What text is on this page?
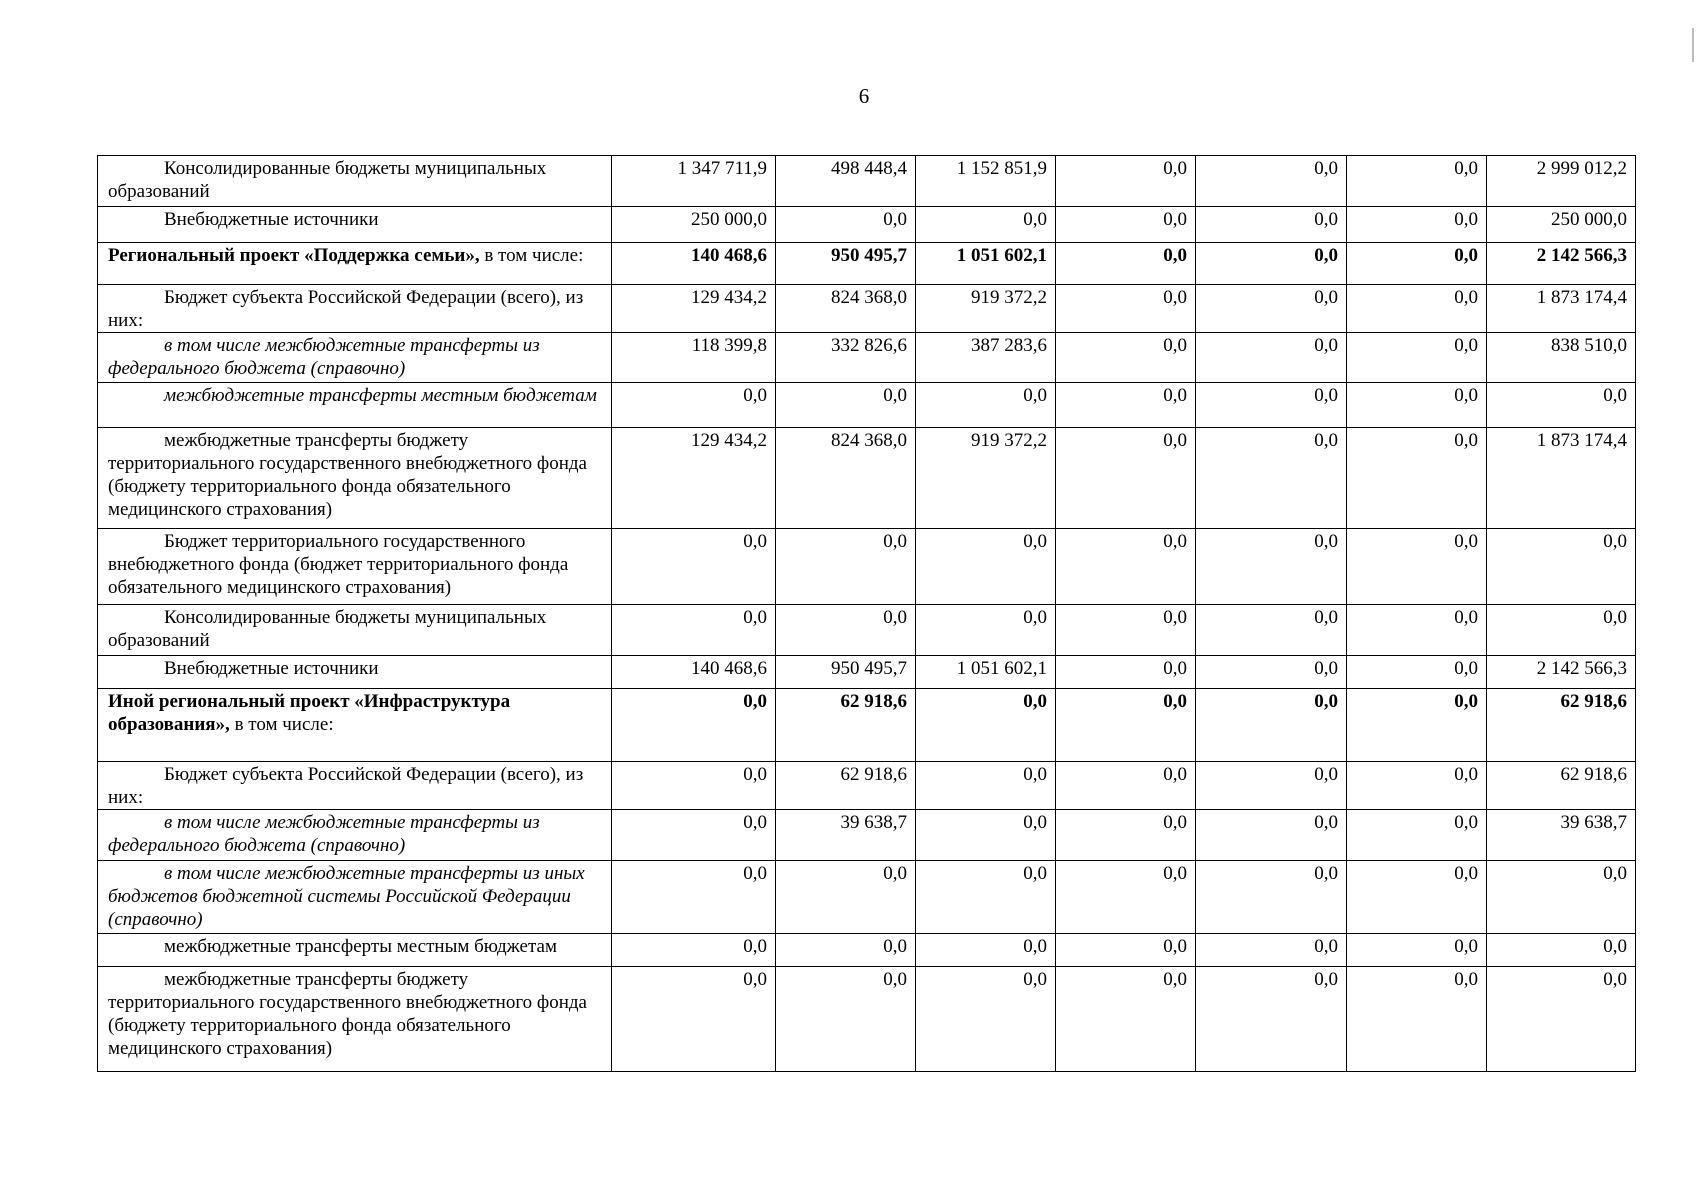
6
Консолидированные бюджеты муниципальных образований	1 347 711,9	498 448,4	1 152 851,9	0,0	0,0	0,0	2 999 012,2
Внебюджетные источники	250 000,0	0,0	0,0	0,0	0,0	0,0	250 000,0
Региональный проект «Поддержка семьи», в том числе:	140 468,6	950 495,7	1 051 602,1	0,0	0,0	0,0	2 142 566,3
Бюджет субъекта Российской Федерации (всего), из них:	129 434,2	824 368,0	919 372,2	0,0	0,0	0,0	1 873 174,4
в том числе межбюджетные трансферты из федерального бюджета (справочно)	118 399,8	332 826,6	387 283,6	0,0	0,0	0,0	838 510,0
межбюджетные трансферты местным бюджетам	0,0	0,0	0,0	0,0	0,0	0,0	0,0
межбюджетные трансферты бюджету территориального государственного внебюджетного фонда (бюджету территориального фонда обязательного медицинского страхования)	129 434,2	824 368,0	919 372,2	0,0	0,0	0,0	1 873 174,4
Бюджет территориального государственного внебюджетного фонда (бюджет территориального фонда обязательного медицинского страхования)	0,0	0,0	0,0	0,0	0,0	0,0	0,0
Консолидированные бюджеты муниципальных образований	0,0	0,0	0,0	0,0	0,0	0,0	0,0
Внебюджетные источники	140 468,6	950 495,7	1 051 602,1	0,0	0,0	0,0	2 142 566,3
Иной региональный проект «Инфраструктура образования», в том числе:	0,0	62 918,6	0,0	0,0	0,0	0,0	62 918,6
Бюджет субъекта Российской Федерации (всего), из них:	0,0	62 918,6	0,0	0,0	0,0	0,0	62 918,6
в том числе межбюджетные трансферты из федерального бюджета (справочно)	0,0	39 638,7	0,0	0,0	0,0	0,0	39 638,7
в том числе межбюджетные трансферты из иных бюджетов бюджетной системы Российской Федерации (справочно)	0,0	0,0	0,0	0,0	0,0	0,0	0,0
межбюджетные трансферты местным бюджетам	0,0	0,0	0,0	0,0	0,0	0,0	0,0
межбюджетные трансферты бюджету территориального государственного внебюджетного фонда (бюджету территориального фонда обязательного медицинского страхования)	0,0	0,0	0,0	0,0	0,0	0,0	0,0
